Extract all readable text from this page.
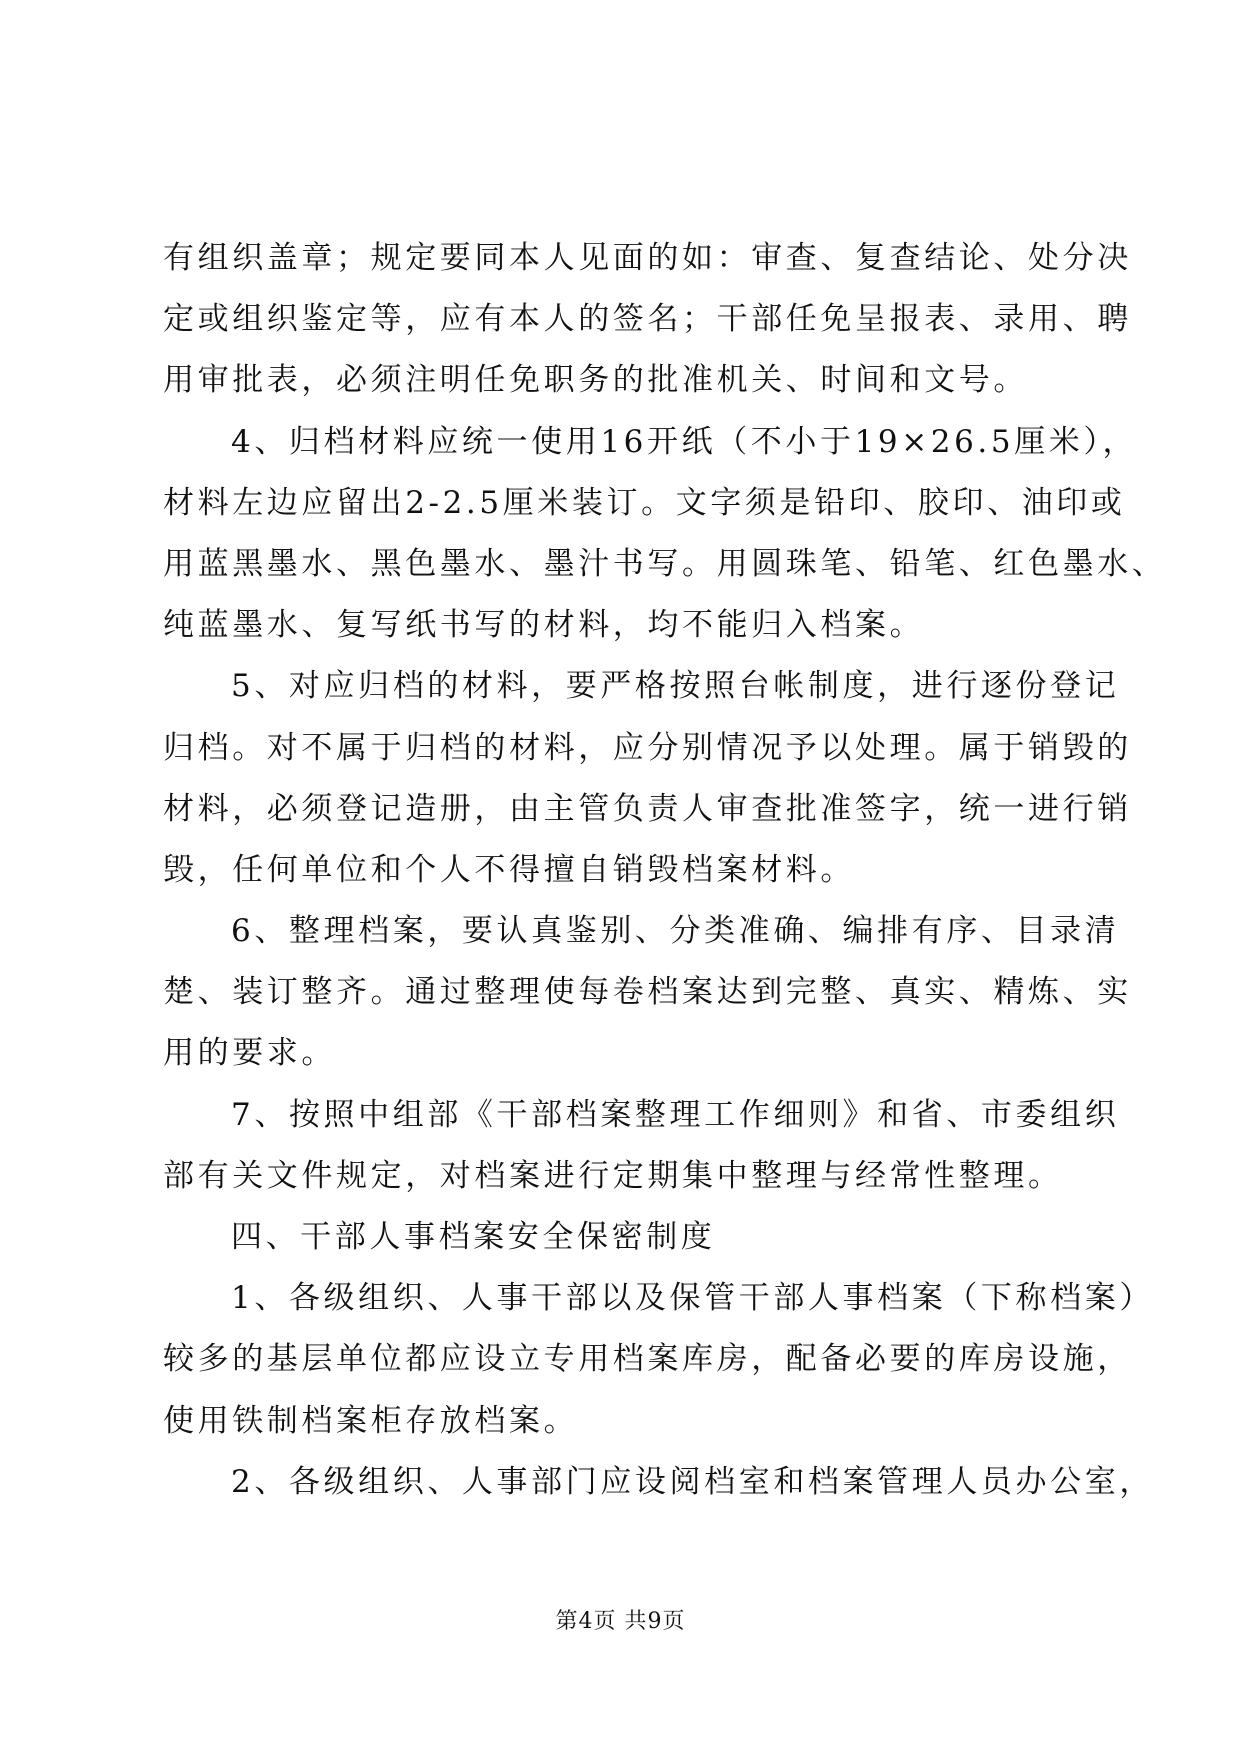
有组织盖章；规定要同本人见面的如：审查、复查结论、处分决
定或组织鉴定等，应有本人的签名；干部任免呈报表、录用、聘
用审批表，必须注明任免职务的批准机关、时间和文号。
4、归档材料应统一使用16开纸（不小于19×26.5厘米），
材料左边应留出2-2.5厘米装订。文字须是铅印、胶印、油印或
用蓝黑墨水、黑色墨水、墨汁书写。用圆珠笔、铅笔、红色墨水、
纯蓝墨水、复写纸书写的材料，均不能归入档案。
5、对应归档的材料，要严格按照台帐制度，进行逐份登记
归档。对不属于归档的材料，应分别情况予以处理。属于销毁的
材料，必须登记造册，由主管负责人审查批准签字，统一进行销
毁，任何单位和个人不得擅自销毁档案材料。
6、整理档案，要认真鉴别、分类准确、编排有序、目录清
楚、装订整齐。通过整理使每卷档案达到完整、真实、精炼、实
用的要求。
7、按照中组部《干部档案整理工作细则》和省、市委组织
部有关文件规定，对档案进行定期集中整理与经常性整理。
四、干部人事档案安全保密制度
1、各级组织、人事干部以及保管干部人事档案（下称档案）
较多的基层单位都应设立专用档案库房，配备必要的库房设施，
使用铁制档案柜存放档案。
2、各级组织、人事部门应设阅档室和档案管理人员办公室，
第4页 共9页
